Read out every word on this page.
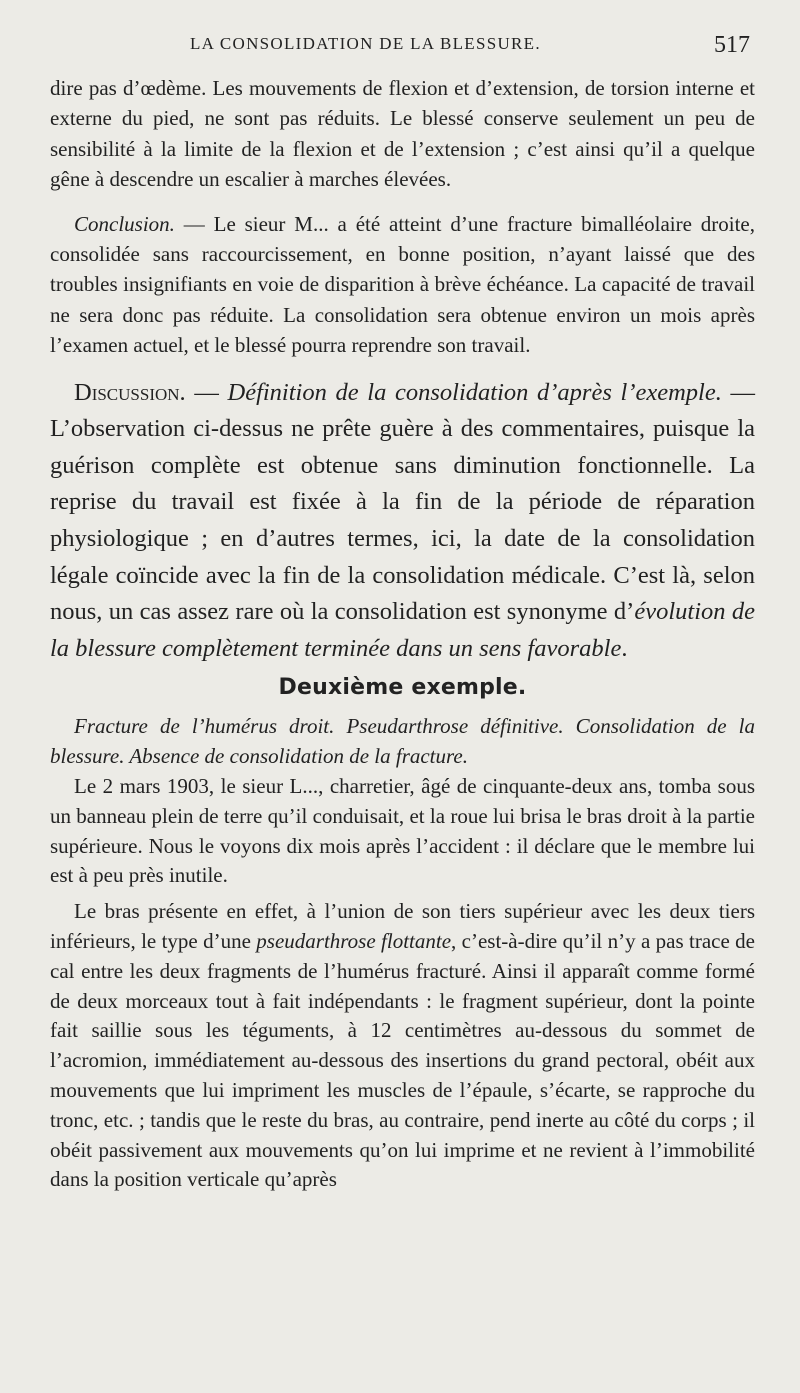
LA CONSOLIDATION DE LA BLESSURE.	517

dire pas d’œdème. Les mouvements de flexion et d’extension, de torsion interne et externe du pied, ne sont pas réduits. Le blessé conserve seulement un peu de sensibilité à la limite de la flexion et de l’extension ; c’est ainsi qu’il a quelque gêne à descendre un escalier à marches élevées.

Conclusion. — Le sieur M... a été atteint d’une fracture bimalléolaire droite, consolidée sans raccourcissement, en bonne position, n’ayant laissé que des troubles insignifiants en voie de disparition à brève échéance. La capacité de travail ne sera donc pas réduite. La consolidation sera obtenue environ un mois après l’examen actuel, et le blessé pourra reprendre son travail.

Discussion. — Définition de la consolidation d’après l’exemple. — L’observation ci-dessus ne prête guère à des commentaires, puisque la guérison complète est obtenue sans diminution fonctionnelle. La reprise du travail est fixée à la fin de la période de réparation physiologique ; en d’autres termes, ici, la date de la consolidation légale coïncide avec la fin de la consolidation médicale. C’est là, selon nous, un cas assez rare où la consolidation est synonyme d’évolution de la blessure complètement terminée dans un sens favorable.

Deuxième exemple.

Fracture de l’humérus droit. Pseudarthrose définitive. Consolidation de la blessure. Absence de consolidation de la fracture.

Le 2 mars 1903, le sieur L..., charretier, âgé de cinquante-deux ans, tomba sous un banneau plein de terre qu’il conduisait, et la roue lui brisa le bras droit à la partie supérieure. Nous le voyons dix mois après l’accident : il déclare que le membre lui est à peu près inutile.

Le bras présente en effet, à l’union de son tiers supérieur avec les deux tiers inférieurs, le type d’une pseudarthrose flottante, c’est-à-dire qu’il n’y a pas trace de cal entre les deux fragments de l’humérus fracturé. Ainsi il apparaît comme formé de deux morceaux tout à fait indépendants : le fragment supérieur, dont la pointe fait saillie sous les téguments, à 12 centimètres au-dessous du sommet de l’acromion, immédiatement au-dessous des insertions du grand pectoral, obéit aux mouvements que lui impriment les muscles de l’épaule, s’écarte, se rapproche du tronc, etc. ; tandis que le reste du bras, au contraire, pend inerte au côté du corps ; il obéit passivement aux mouvements qu’on lui imprime et ne revient à l’immobilité dans la position verticale qu’après
